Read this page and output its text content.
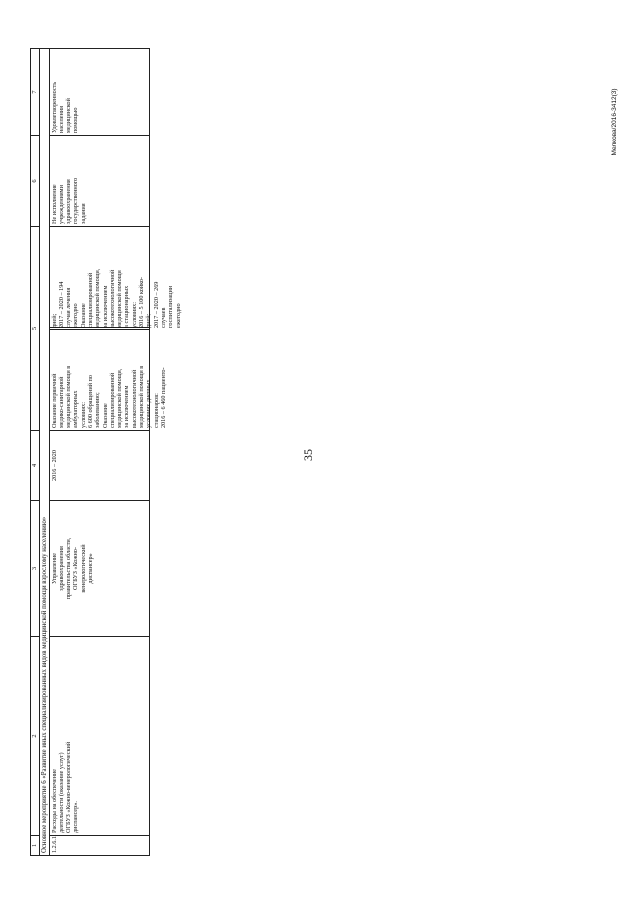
35
Мелкова/2016-3412(3)
1
2
3
4
5
6
7
Основное мероприятие 6 «Развитие иных специализированных видов медицинской помощи взрослому населению» 1.2.6.1.
Расходы на обеспечение деятельности (оказание услуг) ОГБУЗ «Кожно-венерологический диспансер».
Управление здравоохранения правительства области, ОГБУЗ «Кожно- венерологический диспансер»
2016 – 2020
Оказание первичной медико-санитарной медицинской помощи в амбулаторных условиях: 6 600 обращений по заболеванию; Оказание специализированной медицинской помощи, за исключением высокотехнологичной медицинской помощи в условиях дневных стационаров: 2016 – 6 460 пациенто-
дней; 2017 – 2020 – 194 случая лечения ежегодно Оказание специализированной медицинской помощи, за исключением высокотехнологичной медицинской помощи в стационарных условиях: 2016 – 5 100 койко- дней; 2017 – 2020 – 269 случаев госпитализации ежегодно
Не исполнение учреждениями здравоохранения государственного задания
Удовлетворенность населения медицинской помощью
